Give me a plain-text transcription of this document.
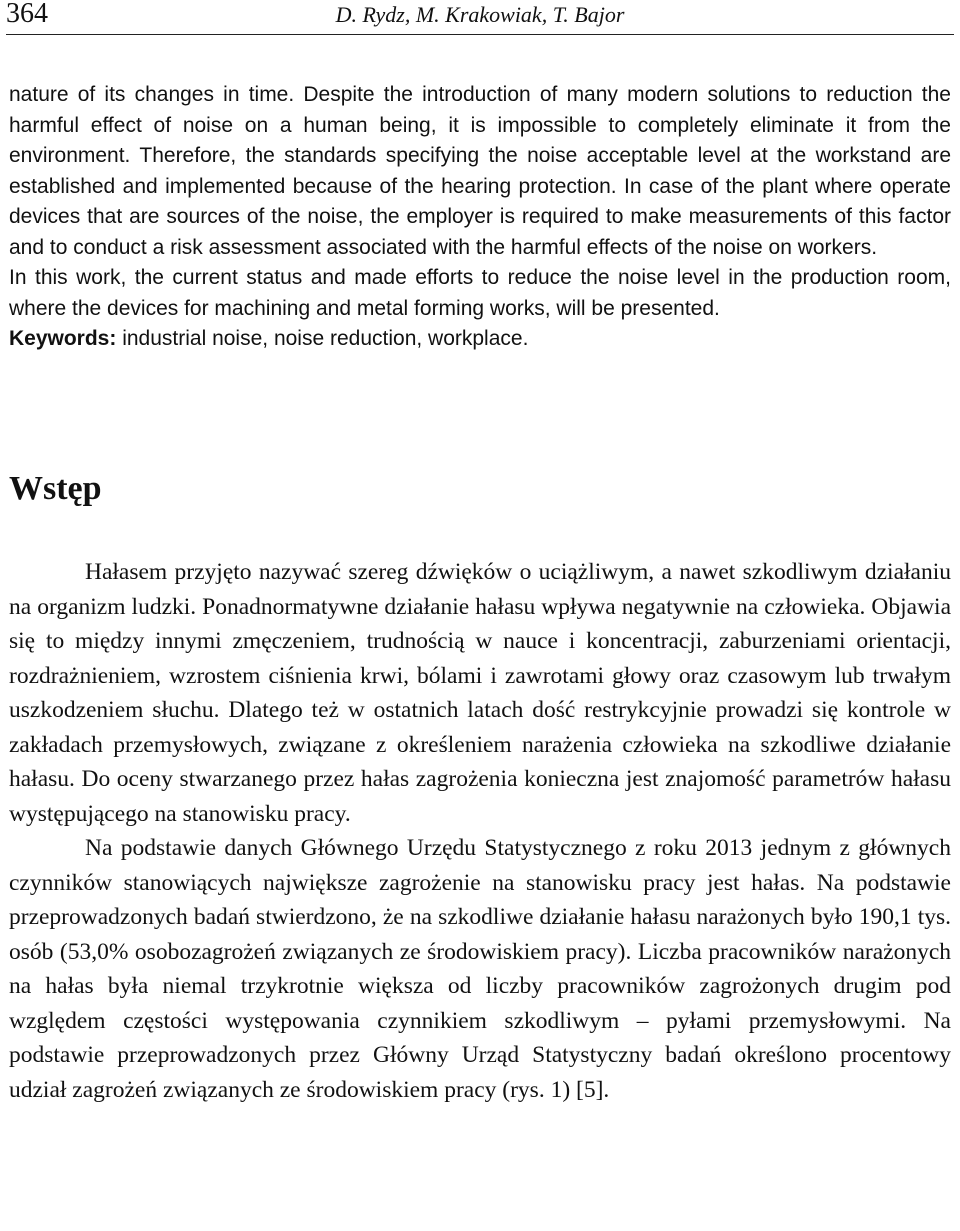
364	D. Rydz, M. Krakowiak, T. Bajor

nature of its changes in time. Despite the introduction of many modern solutions to reduction the harmful effect of noise on a human being, it is impossible to completely eliminate it from the environment. Therefore, the standards specifying the noise acceptable level at the workstand are established and implemented because of the hearing protection. In case of the plant where operate devices that are sources of the noise, the employer is required to make measurements of this factor and to conduct a risk assessment associated with the harmful effects of the noise on workers.

In this work, the current status and made efforts to reduce the noise level in the production room, where the devices for machining and metal forming works, will be presented.

Keywords: industrial noise, noise reduction, workplace.

Wstęp

Hałasem przyjęto nazywać szereg dźwięków o uciążliwym, a nawet szkodliwym działaniu na organizm ludzki. Ponadnormatywne działanie hałasu wpływa negatywnie na człowieka. Objawia się to między innymi zmęczeniem, trudnością w nauce i koncentracji, zaburzeniami orientacji, rozdrażnieniem, wzrostem ciśnienia krwi, bólami i zawrotami głowy oraz czasowym lub trwałym uszkodzeniem słuchu. Dlatego też w ostatnich latach dość restrykcyjnie prowadzi się kontrole w zakładach przemysłowych, związane z określeniem narażenia człowieka na szkodliwe działanie hałasu. Do oceny stwarzanego przez hałas zagrożenia konieczna jest znajomość parametrów hałasu występującego na stanowisku pracy.

Na podstawie danych Głównego Urzędu Statystycznego z roku 2013 jednym z głównych czynników stanowiących największe zagrożenie na stanowisku pracy jest hałas. Na podstawie przeprowadzonych badań stwierdzono, że na szkodliwe działanie hałasu narażonych było 190,1 tys. osób (53,0% osobozagrożeń związanych ze środowiskiem pracy). Liczba pracowników narażonych na hałas była niemal trzykrotnie większa od liczby pracowników zagrożonych drugim pod względem częstości występowania czynnikiem szkodliwym – pyłami przemysłowymi. Na podstawie przeprowadzonych przez Główny Urząd Statystyczny badań określono procentowy udział zagrożeń związanych ze środowiskiem pracy (rys. 1) [5].
